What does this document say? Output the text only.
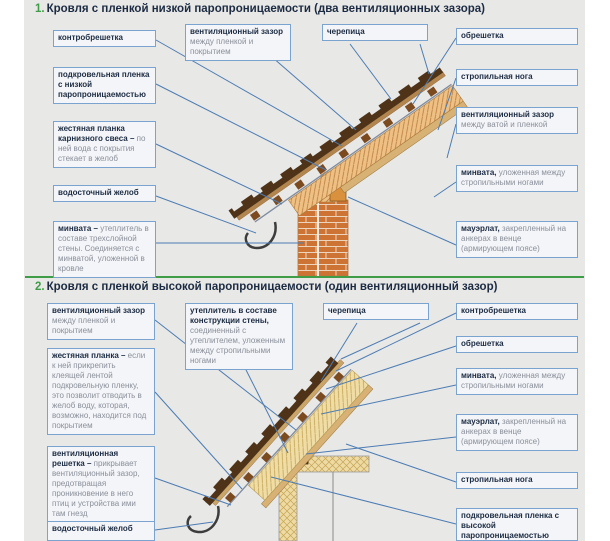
1. Кровля с пленкой низкой паропроницаемости (два вентиляционных зазора)
контробрешетка
подкровельная пленка с низкой паропроницаемостью
жестяная планка карнизного свеса – по ней вода с покрытия стекает в желоб
водосточный желоб
минвата – утеплитель в составе трехслойной стены. Соединяется с минватой, уложенной в кровле
вентиляционный зазор между пленкой и покрытием
черепица	обрешетка
стропильная нога
вентиляционный зазор между ватой и пленкой
минвата, уложенная между стропильными ногами
мауэрлат, закрепленный на анкерах в венце (армирующем поясе)
2. Кровля с пленкой высокой паропроницаемости (один вентиляционный зазор)
вентиляционный зазор между пленкой и покрытием
жестяная планка – если к ней прикрепить клеящей лентой подкровельную пленку, это позволит отводить в желоб воду, которая, возможно, находится под покрытием
вентиляционная решетка – прикрывает вентиляционный зазор, предотвращая проникновение в него птиц и устройства ими там гнезд
водосточный желоб
утеплитель в составе конструкции стены, соединенный с утеплителем, уложенным между стропильными ногами
черепица	контробрешетка
обрешетка
минвата, уложенная между стропильными ногами
мауэрлат, закрепленный на анкерах в венце (армирующем поясе)
стропильная нога
подкровельная пленка с высокой паропроницаемостью
